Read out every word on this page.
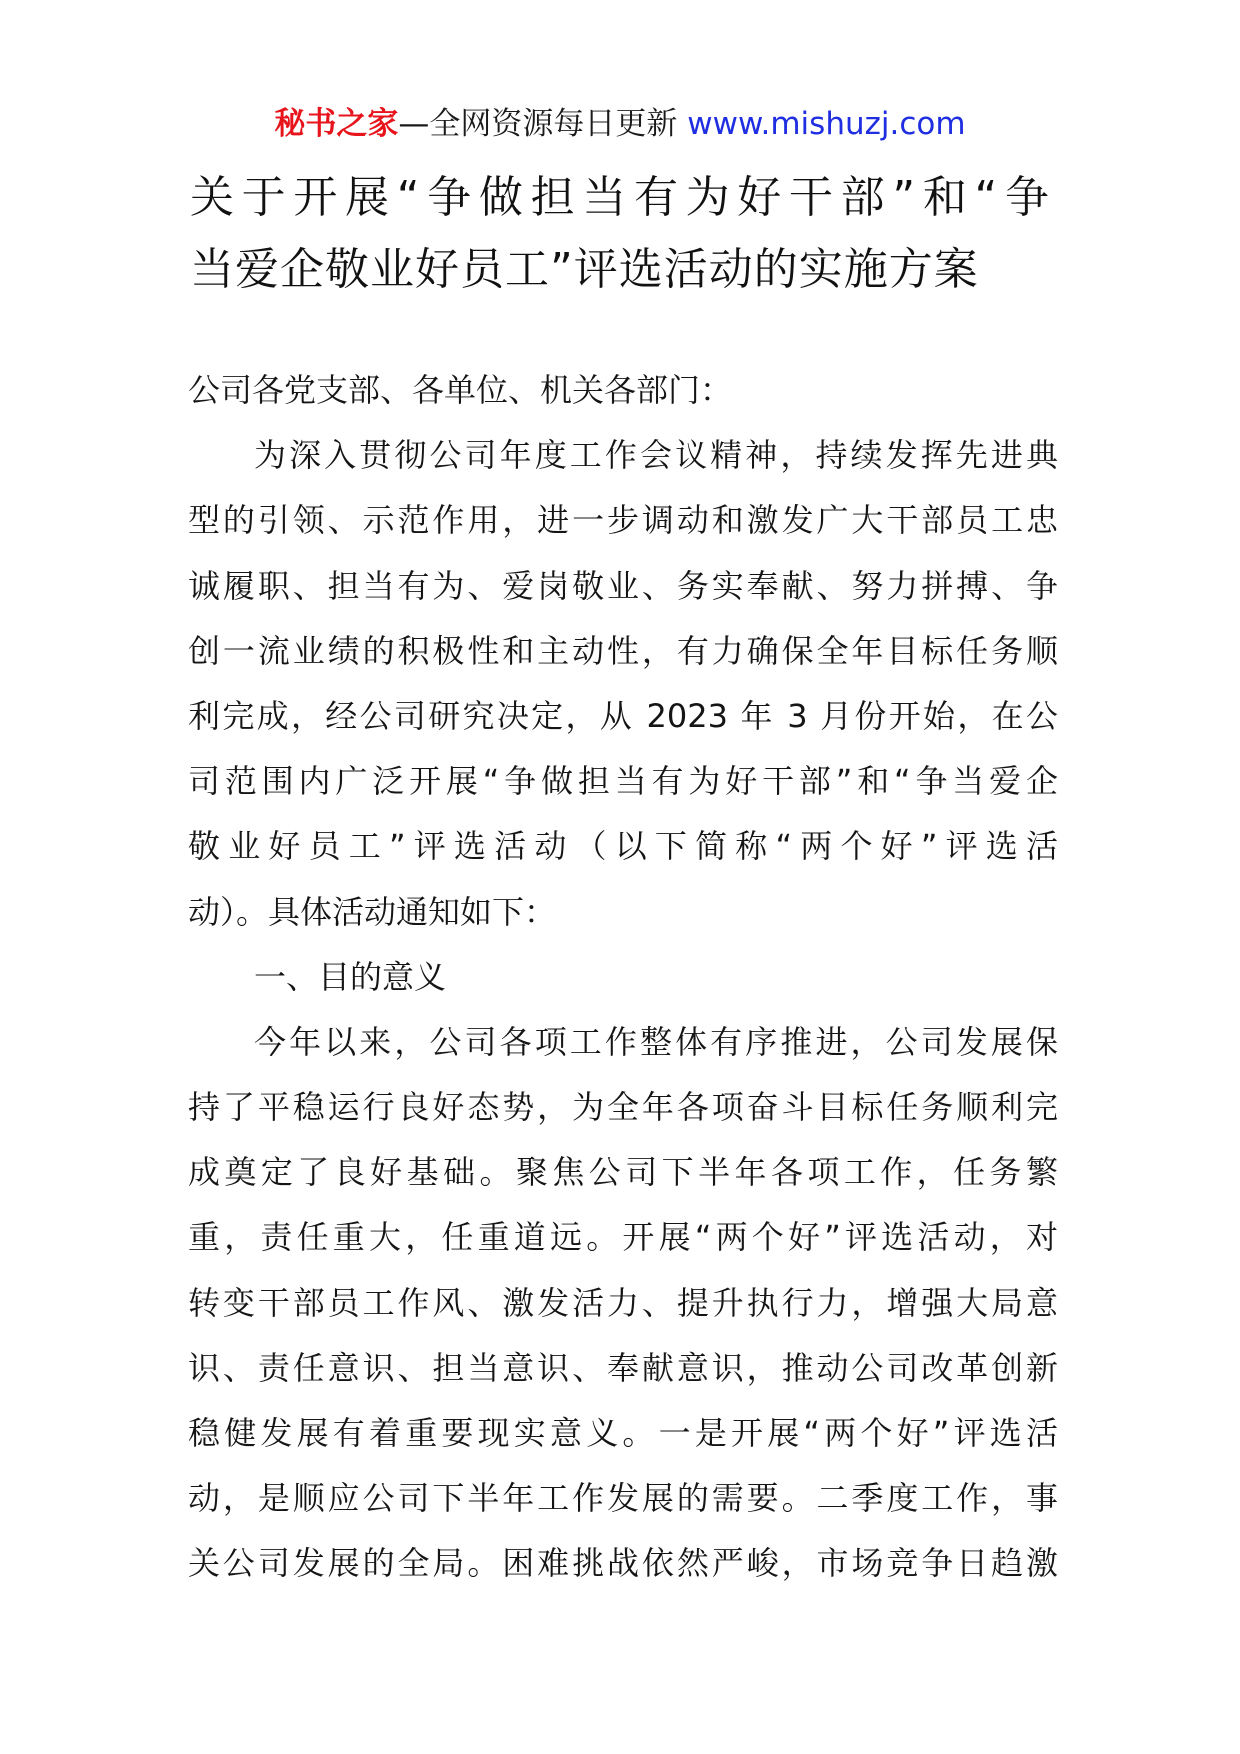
秘书之家—全网资源每日更新 www.mishuzj.com
关于开展“争做担当有为好干部”和“争
当爱企敬业好员工”评选活动的实施方案
公司各党支部、各单位、机关各部门：
为深入贯彻公司年度工作会议精神，持续发挥先进典
型的引领、示范作用，进一步调动和激发广大干部员工忠
诚履职、担当有为、爱岗敬业、务实奉献、努力拼搏、争
创一流业绩的积极性和主动性，有力确保全年目标任务顺
利完成，经公司研究决定，从 2023 年 3 月份开始，在公
司范围内广泛开展“争做担当有为好干部”和“争当爱企
敬业好员工”评选活动（以下简称“两个好”评选活
动）。具体活动通知如下：
一、目的意义
今年以来，公司各项工作整体有序推进，公司发展保
持了平稳运行良好态势，为全年各项奋斗目标任务顺利完
成奠定了良好基础。聚焦公司下半年各项工作，任务繁
重，责任重大，任重道远。开展“两个好”评选活动，对
转变干部员工作风、激发活力、提升执行力，增强大局意
识、责任意识、担当意识、奉献意识，推动公司改革创新
稳健发展有着重要现实意义。一是开展“两个好”评选活
动，是顺应公司下半年工作发展的需要。二季度工作，事
关公司发展的全局。困难挑战依然严峻，市场竞争日趋激
